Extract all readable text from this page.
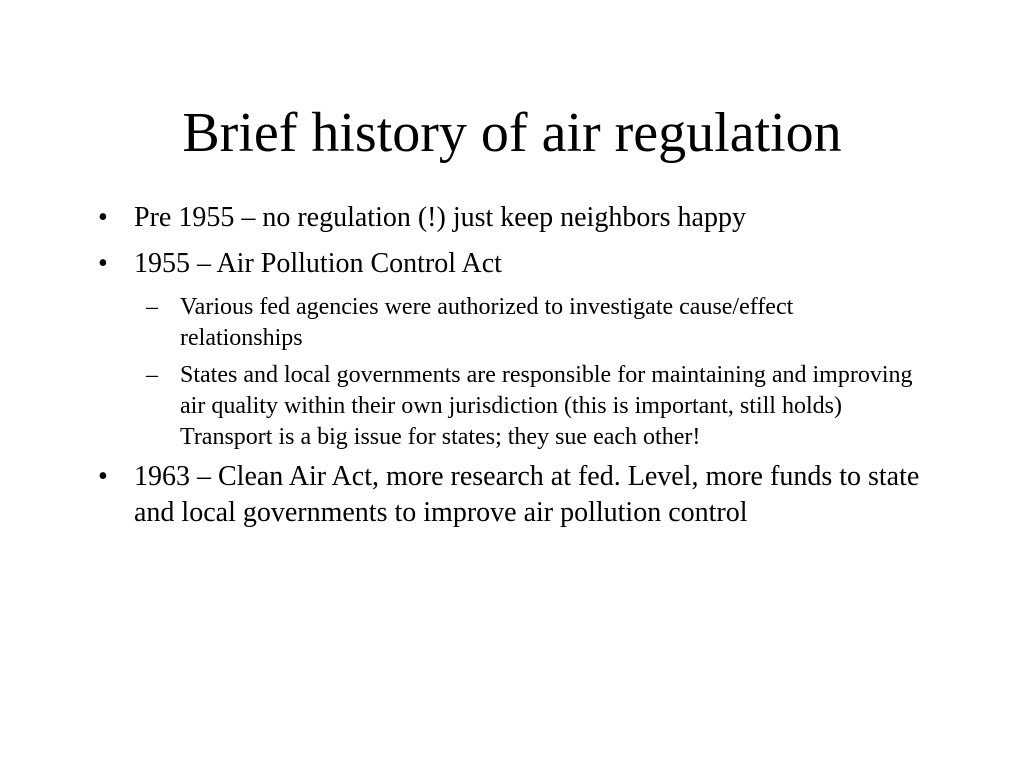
Brief history of air regulation
• Pre 1955 – no regulation (!) just keep neighbors happy
• 1955 – Air Pollution Control Act
– Various fed agencies were authorized to investigate cause/effect relationships
– States and local governments are responsible for maintaining and improving air quality within their own jurisdiction (this is important, still holds) Transport is a big issue for states; they sue each other!
• 1963 – Clean Air Act, more research at fed. Level, more funds to state and local governments to improve air pollution control
